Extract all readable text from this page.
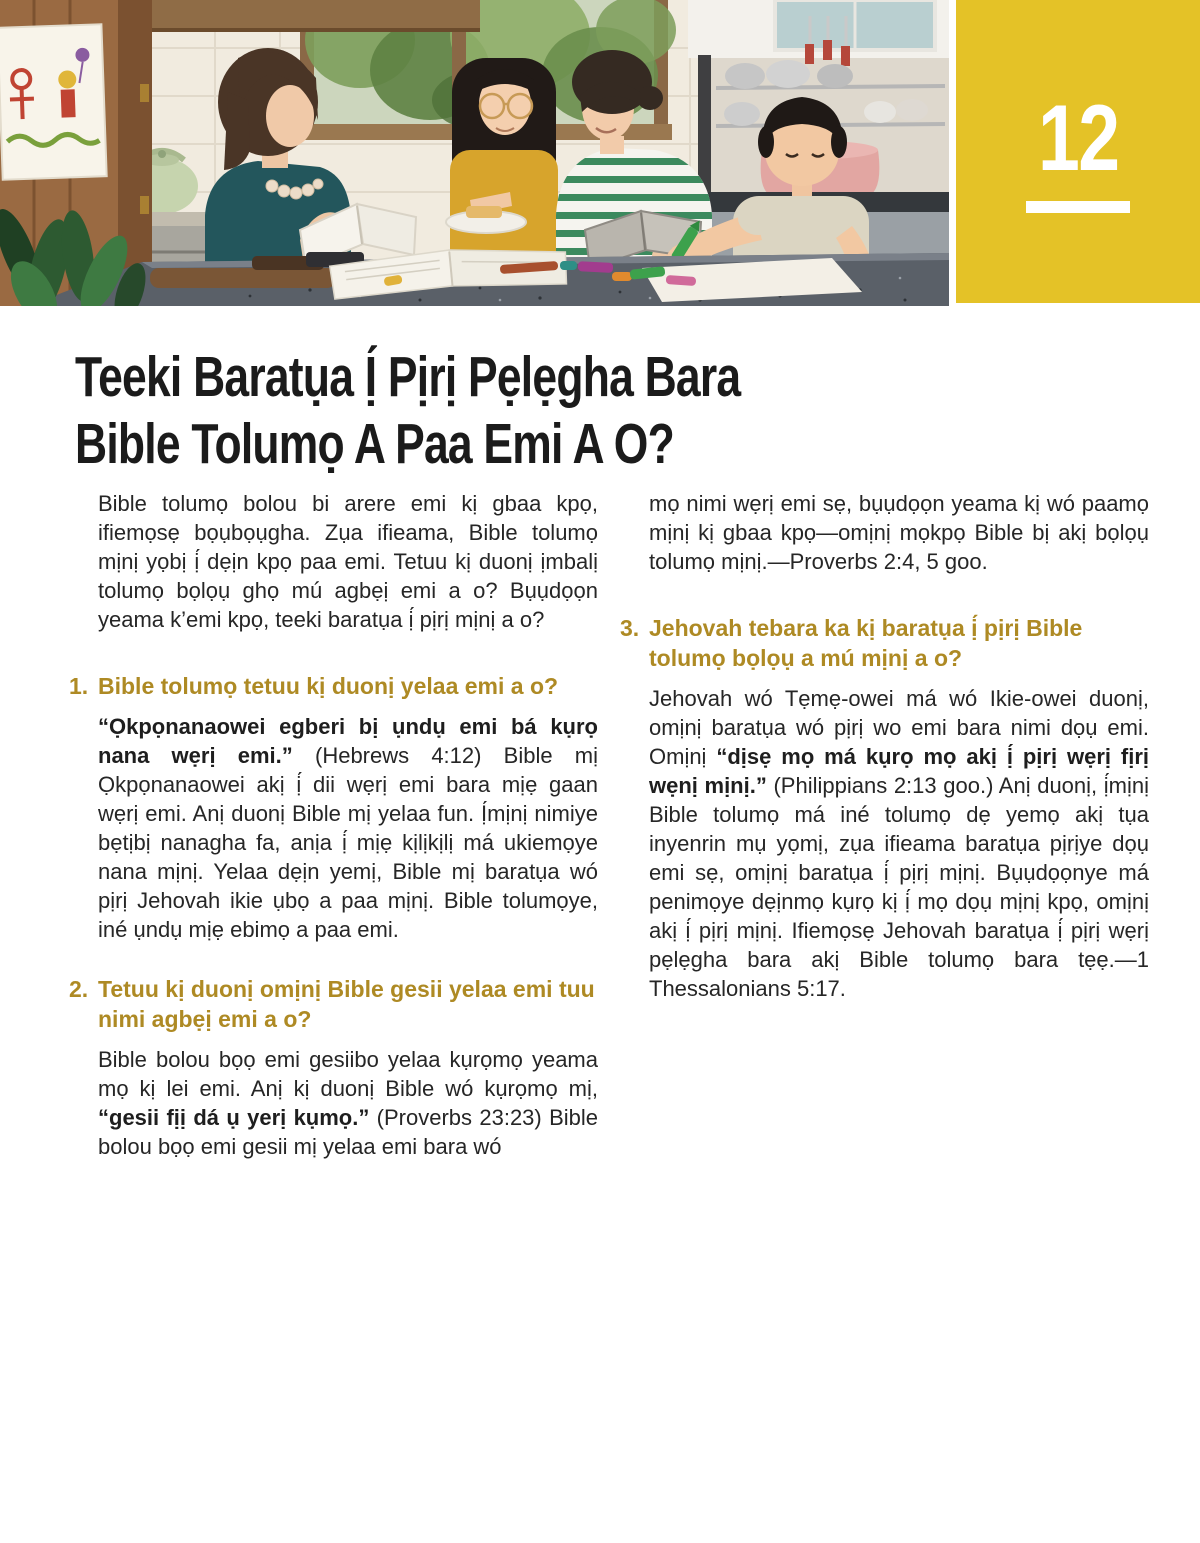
12
Teeki Baratụa Ị́ Pịrị Pẹlẹgha Bara
Bible Tolumọ A Paa Emi A O?

Bible tolumọ bolou bi arere emi kị gbaa kpọ, ifiemọsẹ bọụbọụgha. Zụa ifieama, Bible tolumọ mịnị yọbị ị́ dẹịn kpọ paa emi. Tetuu kị duonị ịmbalị tolumọ bọlọụ ghọ mú agbẹị emi a o? Bụụdọọn yeama k’emi kpọ, teeki baratụa ị́ pịrị mịnị a o?

1. Bible tolumọ tetuu kị duonị yelaa emi a o?

“Ọkpọnanaowei egberi bị ụndụ emi bá kụrọ nana wẹrị emi.” (Hebrews 4:12) Bible mị Ọkpọnanaowei akị ị́ dii wẹrị emi bara mịẹ gaan wẹrị emi. Anị duonị Bible mị yelaa fun. Ị́mịnị nimiye bẹtịbị nanagha fa, anịa ị́ mịẹ kịlịkịlị má ukiemọye nana mịnị. Yelaa dẹịn yemị, Bible mị baratụa wó pịrị Jehovah ikie ụbọ a paa mịnị. Bible tolumọye, iné ụndụ mịẹ ebimọ a paa emi.

2. Tetuu kị duonị omịnị Bible gesii yelaa emi tuu nimi agbẹị emi a o?

Bible bolou bọọ emi gesiibo yelaa kụrọmọ yeama mọ kị lei emi. Anị kị duonị Bible wó kụrọmọ mị, “gesii fịị dá ụ yerị kụmọ.” (Proverbs 23:23) Bible bolou bọọ emi gesii mị yelaa emi bara wó

mọ nimi wẹrị emi sẹ, bụụdọọn yeama kị wó paamọ mịnị kị gbaa kpọ—omịnị mọkpọ Bible bị akị bọlọụ tolumọ mịnị.—Proverbs 2:4, 5 goo.

3. Jehovah tebara ka kị baratụa ị́ pịrị Bible tolumọ bọlọụ a mú mịnị a o?

Jehovah wó Tẹmẹ-owei má wó Ikie-owei duonị, omịnị baratụa wó pịrị wo emi bara nimi dọụ emi. Omịnị “dịsẹ mọ má kụrọ mọ akị ị́ pịrị wẹrị fịrị wẹnị mịnị.” (Philippians 2:13 goo.) Anị duonị, ị́mịnị Bible tolumọ má iné tolumọ dẹ yemọ akị tụa inyenrin mụ yọmị, zụa ifieama baratụa pịrịye dọụ emi sẹ, omịnị baratụa ị́ pịrị mịnị. Bụụdọọnye má penimọye dẹịnmọ kụrọ kị ị́ mọ dọụ mịnị kpọ, omịnị akị ị́ pịrị mịnị. Ifiemọsẹ Jehovah baratụa ị́ pịrị wẹrị pẹlẹgha bara akị Bible tolumọ bara tẹẹ.—1 Thessalonians 5:17.
